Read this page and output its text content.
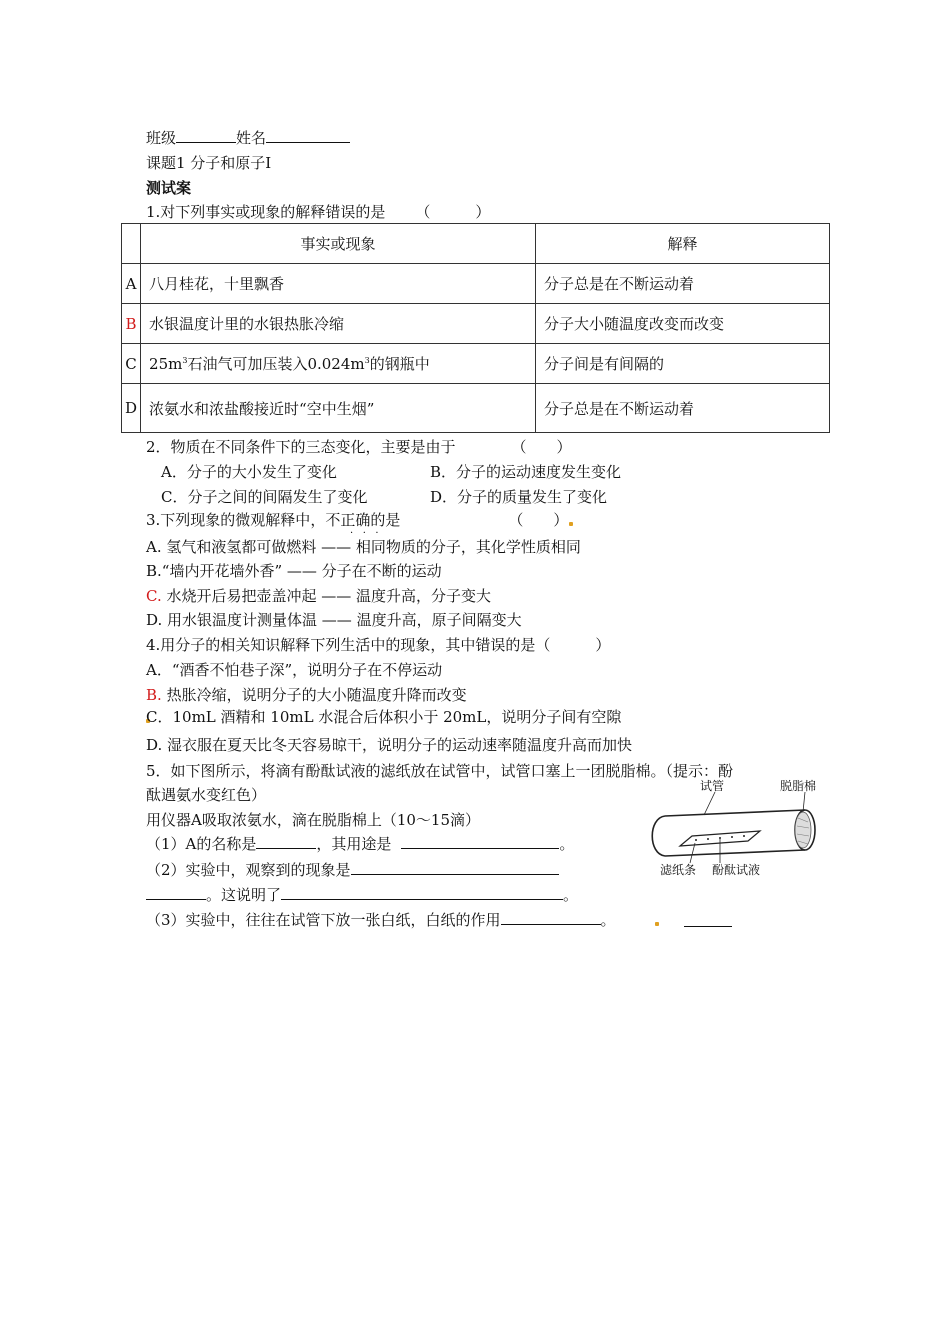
班级	姓名
课题1 分子和原子Ⅰ
测试案
1.对下列事实或现象的解释错误的是 （　　　）
	事实或现象	解释
A	八月桂花，十里飘香	分子总是在不断运动着
B	水银温度计里的水银热胀冷缩	分子大小随温度改变而改变
C	$25m^3$石油气可加压装入$0.024m^3$的钢瓶中	分子间是有间隔的
D	浓氨水和浓盐酸接近时“空中生烟”	分子总是在不断运动着
2．物质在不同条件下的三态变化，主要是由于	（　　）
A．分子的大小发生了变化	B．分子的运动速度发生变化
C．分子之间的间隔发生了变化	D．分子的质量发生了变化
3.下列现象的微观解释中，不正确的是	（　　）
·   ·   ·
A. 氢气和液氢都可做燃料 —— 相同物质的分子，其化学性质相同
B.“墙内开花墙外香” —— 分子在不断的运动
C. 水烧开后易把壶盖冲起 —— 温度升高，分子变大
D. 用水银温度计测量体温 —— 温度升高，原子间隔变大
4.用分子的相关知识解释下列生活中的现象，其中错误的是（　　　）
A．“酒香不怕巷子深”，说明分子在不停运动
B. 热胀冷缩，说明分子的大小随温度升降而改变
C．10mL 酒精和 10mL 水混合后体积小于 20mL，说明分子间有空隙
D. 湿衣服在夏天比冬天容易晾干，说明分子的运动速率随温度升高而加快
5．如下图所示，将滴有酚酞试液的滤纸放在试管中，试管口塞上一团脱脂棉。（提示：酚
酞遇氨水变红色）
用仪器A吸取浓氨水，滴在脱脂棉上（10～15滴）
（1）A的名称是	，其用途是	。
（2）实验中，观察到的现象是
。这说明了	。
（3）实验中，往往在试管下放一张白纸，白纸的作用	。
试管	脱脂棉
滤纸条 酚酞试液
